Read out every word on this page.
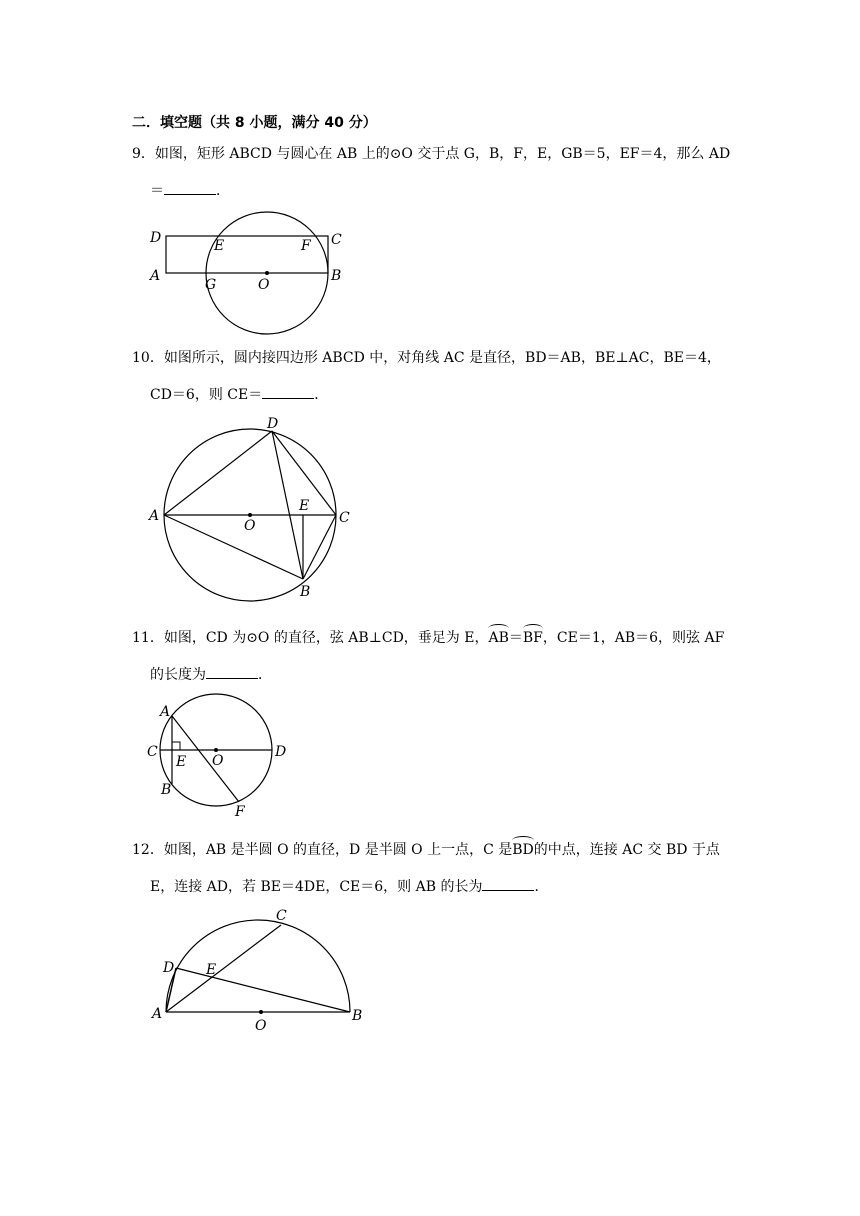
二．填空题（共 8 小题，满分 40 分）
9．如图，矩形 ABCD 与圆心在 AB 上的⊙O 交于点 G，B，F，E，GB＝5，EF＝4，那么 AD
＝	．
D	E	F C
A
G	O
B
10．如图所示，圆内接四边形 ABCD 中，对角线 AC 是直径，BD＝AB，BE⊥AC，BE＝4，
CD＝6，则 CE＝	．
D
A
O
E
C
B
11．如图，CD 为⊙O 的直径，弦 AB⊥CD，垂足为 E，AB＝BF，CE＝1，AB＝6，则弦 AF
的长度为	．
A
C
E O
D
B
F
12．如图，AB 是半圆 O 的直径，D 是半圆 O 上一点，C 是BD的中点，连接 AC 交 BD 于点
E，连接 AD，若 BE＝4DE，CE＝6，则 AB 的长为	．
C
D E
A
O
B
